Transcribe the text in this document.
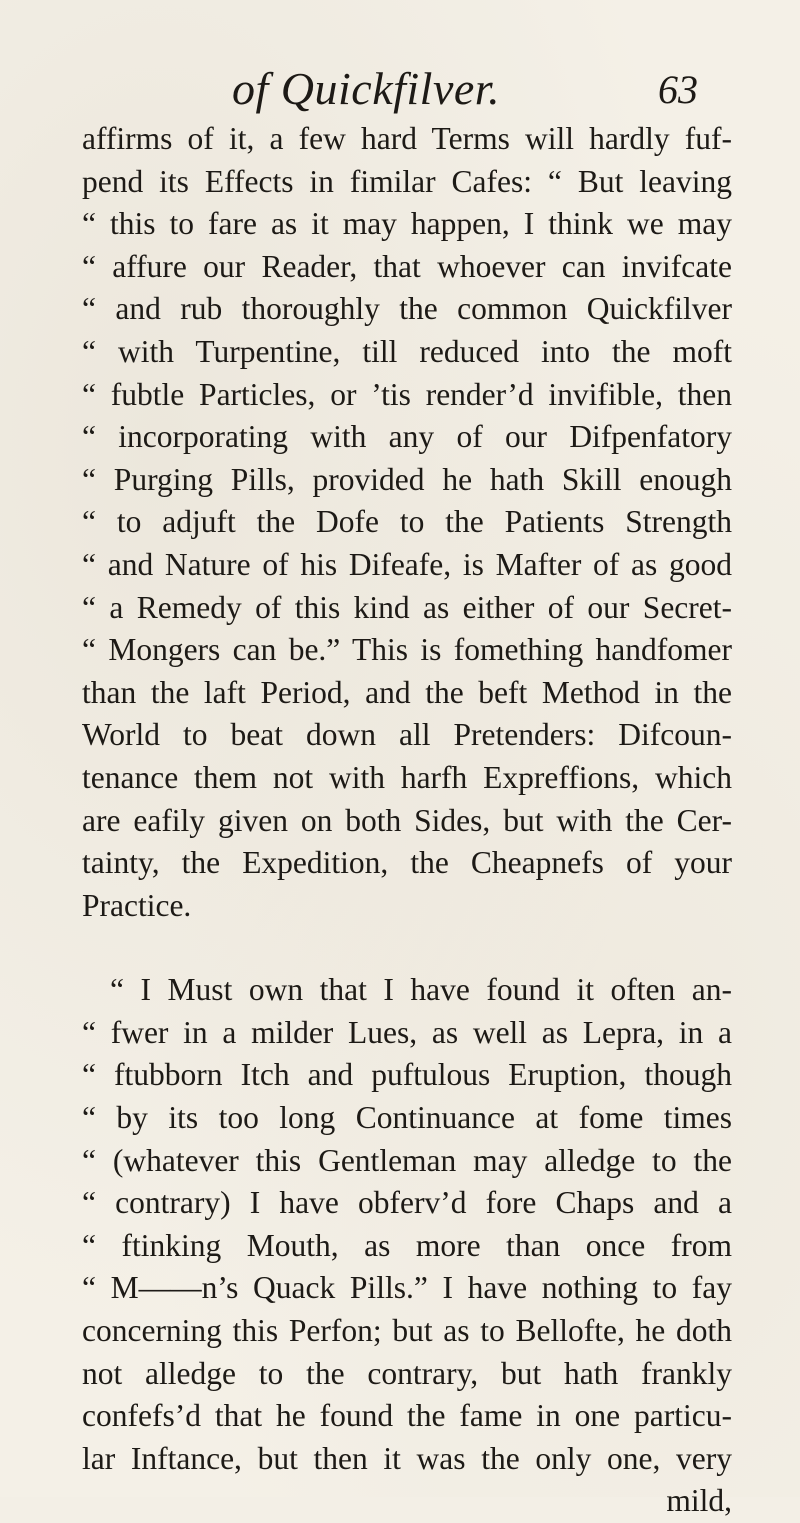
of Quickfilver.	63
affirms of it, a few hard Terms will hardly fuf-
pend its Effects in fimilar Cafes: “ But leaving
“ this to fare as it may happen, I think we may
“ affure our Reader, that whoever can invifcate
“ and rub thoroughly the common Quickfilver
“ with Turpentine, till reduced into the moft
“ fubtle Particles, or ’tis render’d invifible, then
“ incorporating with any of our Difpenfatory
“ Purging Pills, provided he hath Skill enough
“ to adjuft the Dofe to the Patients Strength
“ and Nature of his Difeafe, is Mafter of as good
“ a Remedy of this kind as either of our Secret-
“ Mongers can be.” This is fomething handfomer
than the laft Period, and the beft Method in the
World to beat down all Pretenders: Difcoun-
tenance them not with harfh Expreffions, which
are eafily given on both Sides, but with the Cer-
tainty, the Expedition, the Cheapnefs of your
Practice.
“ I Must own that I have found it often an-
“ fwer in a milder Lues, as well as Lepra, in a
“ ftubborn Itch and puftulous Eruption, though
“ by its too long Continuance at fome times
“ (whatever this Gentleman may alledge to the
“ contrary) I have obferv’d fore Chaps and a
“ ftinking Mouth, as more than once from
“ M——n’s Quack Pills.” I have nothing to fay
concerning this Perfon; but as to Bellofte, he doth
not alledge to the contrary, but hath frankly
confefs’d that he found the fame in one particu-
lar Inftance, but then it was the only one, very
mild,
